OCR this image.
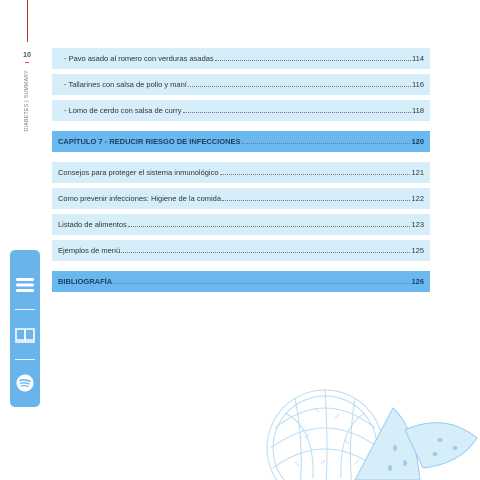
10
DIABETES | SUMMARY
- Pavo asado al romero con verduras asadas	114
- Tallarines con salsa de pollo y maní	116
- Lomo de cerdo con salsa de curry	118
CAPÍTULO 7 - REDUCIR RIESGO DE INFECCIONES	120
Consejos para proteger el sistema inmunológico	121
Como prevenir infecciones: Higiene de la comida	122
Listado de alimentos	123
Ejemplos de menú	125
BIBLIOGRAFÍA	126
